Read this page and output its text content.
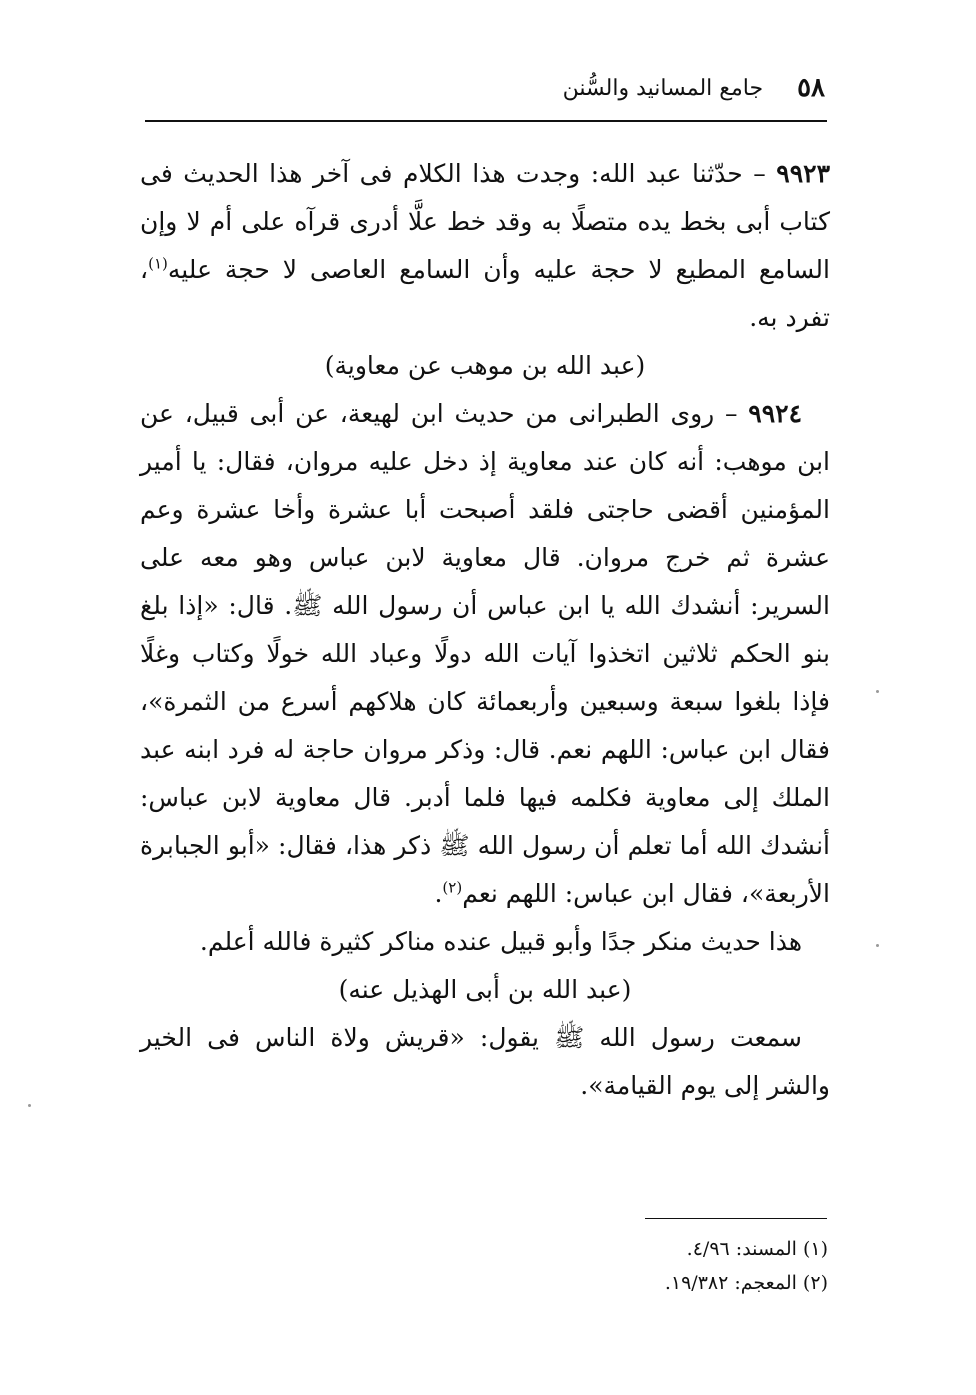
٥٨
جامع المسانيد والسُّنن

٩٩٢٣ – حدّثنا عبد الله: وجدت هذا الكلام فى آخر هذا الحديث فى كتاب أبى بخط يده متصلًا به وقد خط علَّا أدرى قرآه على أم لا وإن السامع المطيع لا حجة عليه وأن السامع العاصى لا حجة عليه$^{(١)}$، تفرد به.

(عبد الله بن موهب عن معاوية)

٩٩٢٤ – روى الطبرانى من حديث ابن لهيعة، عن أبى قبيل، عن ابن موهب: أنه كان عند معاوية إذ دخل عليه مروان، فقال: يا أمير المؤمنين أقضى حاجتى فلقد أصبحت أبا عشرة وأخا عشرة وعم عشرة ثم خرج مروان. قال معاوية لابن عباس وهو معه على السرير: أنشدك الله يا ابن عباس أن رسول الله ﷺ. قال: «إذا بلغ بنو الحكم ثلاثين اتخذوا آيات الله دولًا وعباد الله خولًا وكتاب وغلًا فإذا بلغوا سبعة وسبعين وأربعمائة كان هلاكهم أسرع من الثمرة»، فقال ابن عباس: اللهم نعم. قال: وذكر مروان حاجة له فرد ابنه عبد الملك إلى معاوية فكلمه فيها فلما أدبر. قال معاوية لابن عباس: أنشدك الله أما تعلم أن رسول الله ﷺ ذكر هذا، فقال: «أبو الجبابرة الأربعة»، فقال ابن عباس: اللهم نعم$^{(٢)}$.

هذا حديث منكر جدًا وأبو قبيل عنده مناكر كثيرة فالله أعلم.

(عبد الله بن أبى الهذيل عنه)

سمعت رسول الله ﷺ يقول: «قريش ولاة الناس فى الخير والشر إلى يوم القيامة».

(١) المسند: ٤/٩٦.
(٢) المعجم: ١٩/٣٨٢.
